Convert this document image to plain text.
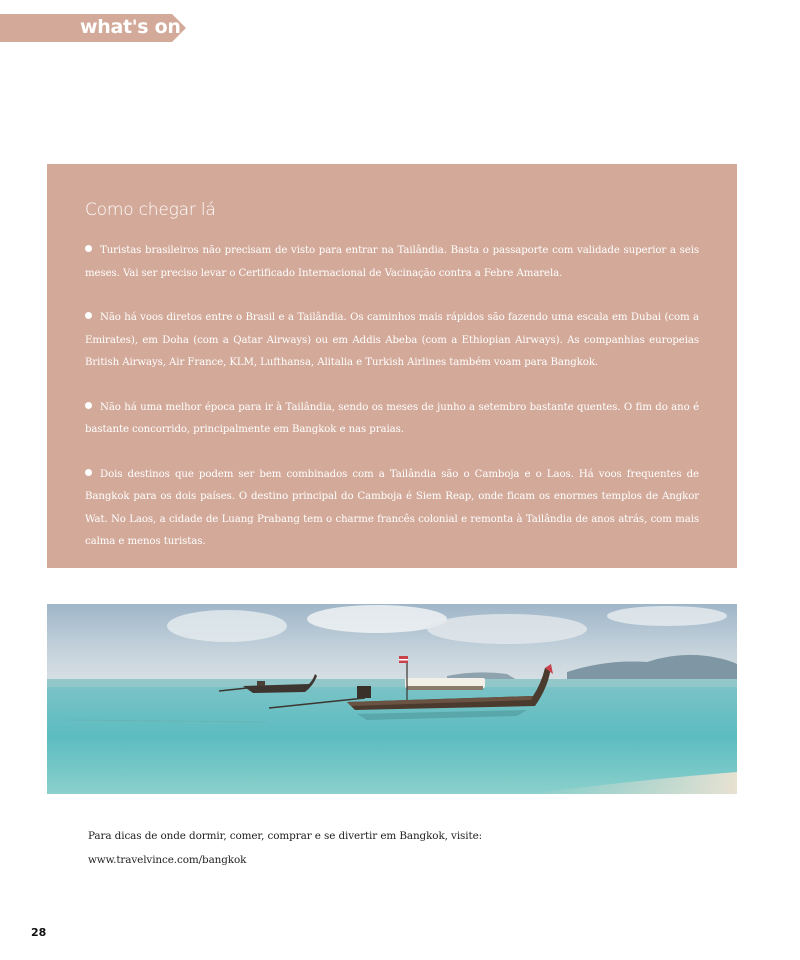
what's on
Como chegar lá

Turistas brasileiros não precisam de visto para entrar na Tailândia. Basta o passaporte com validade superior a seis meses. Vai ser preciso levar o Certificado Internacional de Vacinação contra a Febre Amarela.

Não há voos diretos entre o Brasil e a Tailândia. Os caminhos mais rápidos são fazendo uma escala em Dubai (com a Emirates), em Doha (com a Qatar Airways) ou em Addis Abeba (com a Ethiopian Airways). As companhias europeias British Airways, Air France, KLM, Lufthansa, Alitalia e Turkish Airlines também voam para Bangkok.

Não há uma melhor época para ir à Tailândia, sendo os meses de junho a setembro bastante quentes. O fim do ano é bastante concorrido, principalmente em Bangkok e nas praias.

Dois destinos que podem ser bem combinados com a Tailândia são o Camboja e o Laos. Há voos frequentes de Bangkok para os dois países. O destino principal do Camboja é Siem Reap, onde ficam os enormes templos de Angkor Wat. No Laos, a cidade de Luang Prabang tem o charme francês colonial e remonta à Tailândia de anos atrás, com mais calma e menos turistas.

Para dicas de onde dormir, comer, comprar e se divertir em Bangkok, visite:
www.travelvince.com/bangkok
28
